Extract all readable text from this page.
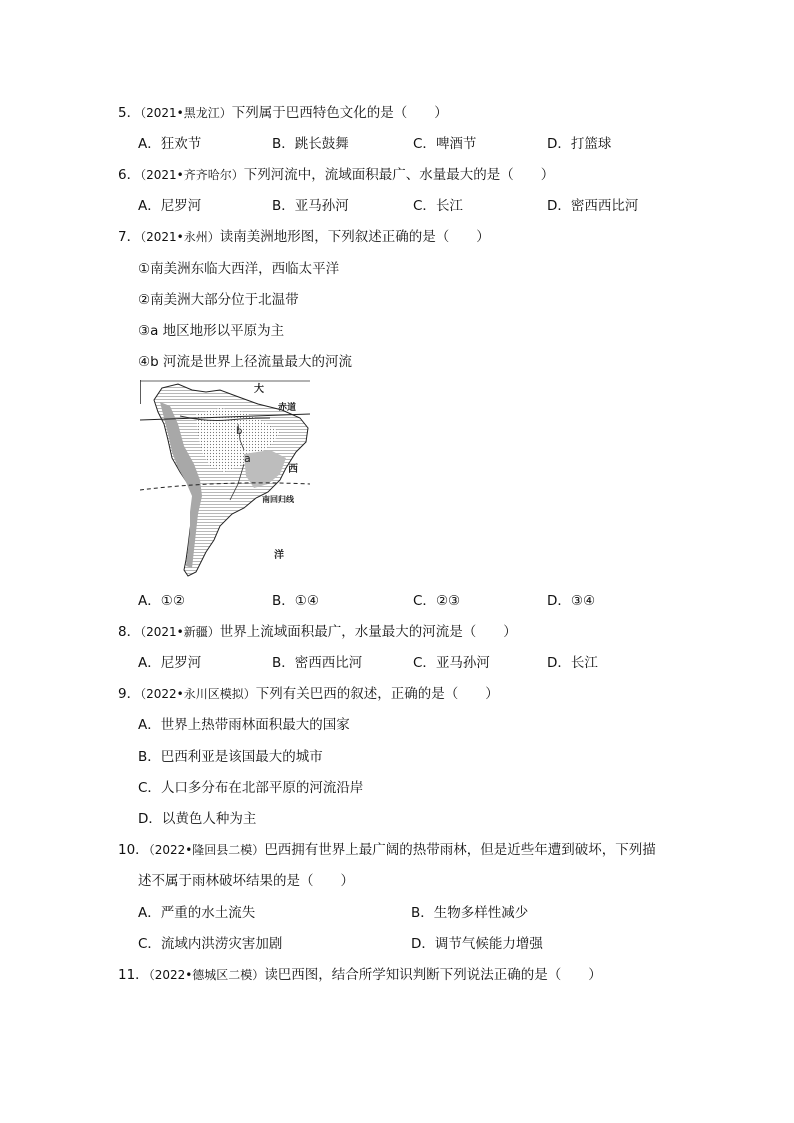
5．（2021•黑龙江）下列属于巴西特色文化的是（　　）
A．狂欢节	B．跳长鼓舞	C．啤酒节	D．打篮球
6．（2021•齐齐哈尔）下列河流中，流域面积最广、水量最大的是（　　）
A．尼罗河	B．亚马孙河	C．长江	D．密西西比河
7．（2021•永州）读南美洲地形图，下列叙述正确的是（　　）
①南美洲东临大西洋，西临太平洋
②南美洲大部分位于北温带
③a 地区地形以平原为主
④b 河流是世界上径流量最大的河流
大
赤道
b
a
西
南回归线
洋
A．①②	B．①④	C．②③	D．③④
8．（2021•新疆）世界上流域面积最广，水量最大的河流是（　　）
A．尼罗河	B．密西西比河	C．亚马孙河	D．长江
9．（2022•永川区模拟）下列有关巴西的叙述，正确的是（　　）
A．世界上热带雨林面积最大的国家
B．巴西利亚是该国最大的城市
C．人口多分布在北部平原的河流沿岸
D．以黄色人种为主
10．（2022•隆回县二模）巴西拥有世界上最广阔的热带雨林，但是近些年遭到破坏，下列描
述不属于雨林破坏结果的是（　　）
A．严重的水土流失	B．生物多样性减少
C．流域内洪涝灾害加剧	D．调节气候能力增强
11．（2022•德城区二模）读巴西图，结合所学知识判断下列说法正确的是（　　）
